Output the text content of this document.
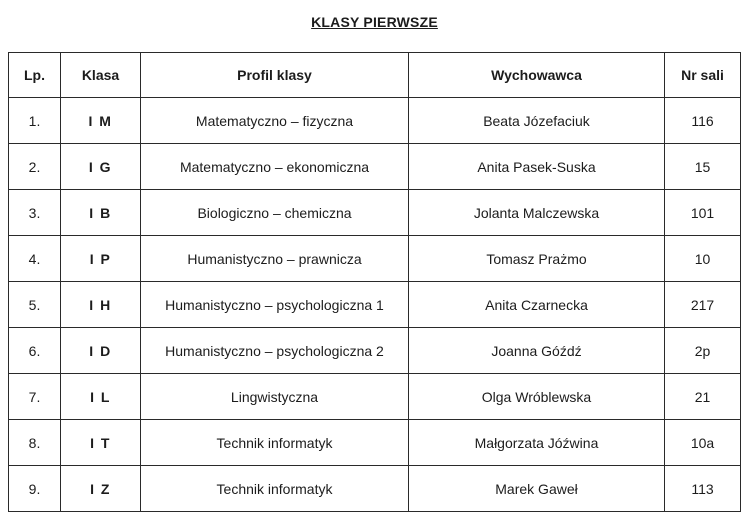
KLASY PIERWSZE
Lp.	Klasa	Profil klasy	Wychowawca	Nr sali
1.	I M	Matematyczno – fizyczna	Beata Józefaciuk	116
2.	I G	Matematyczno – ekonomiczna	Anita Pasek-Suska	15
3.	I B	Biologiczno – chemiczna	Jolanta Malczewska	101
4.	I P	Humanistyczno – prawnicza	Tomasz Prażmo	10
5.	I H	Humanistyczno – psychologiczna 1	Anita Czarnecka	217
6.	I D	Humanistyczno – psychologiczna 2	Joanna Góźdź	2p
7.	I L	Lingwistyczna	Olga Wróblewska	21
8.	I T	Technik informatyk	Małgorzata Jóźwina	10a
9.	I Z	Technik informatyk	Marek Gaweł	113
